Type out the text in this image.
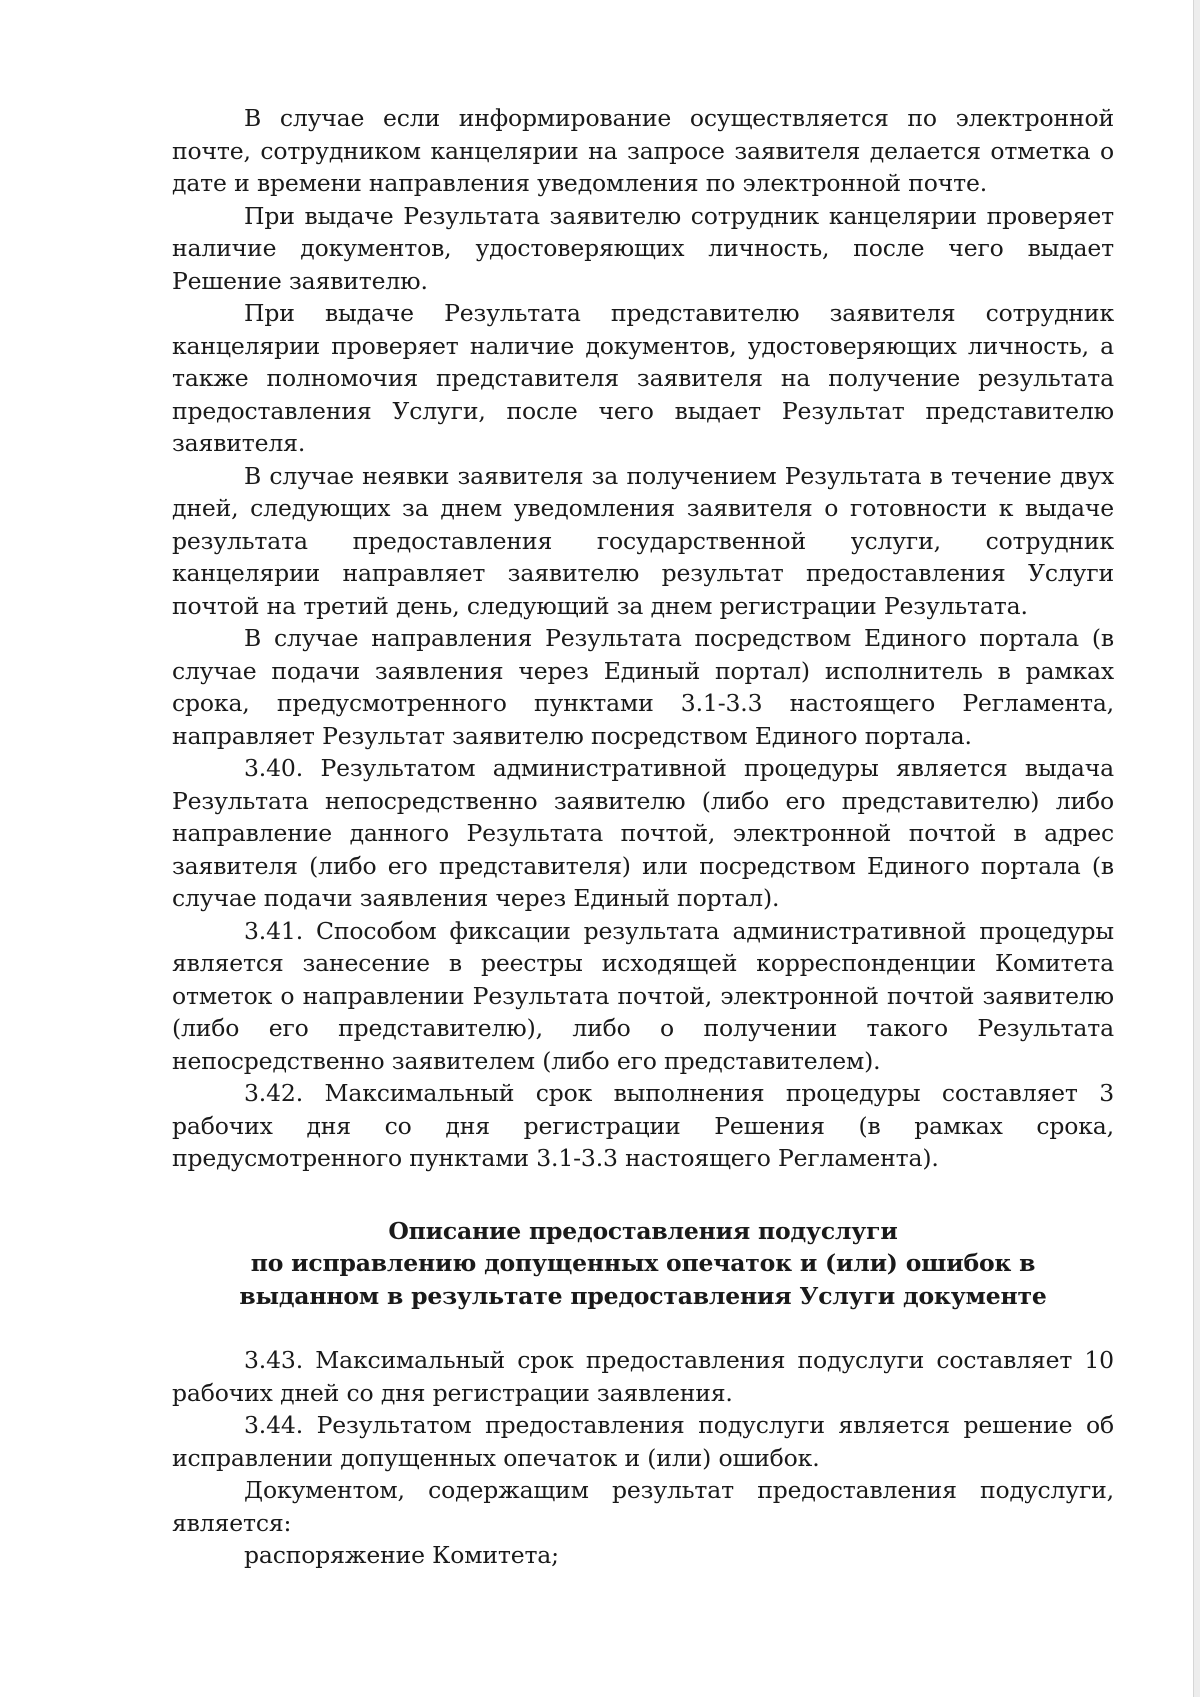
В случае если информирование осуществляется по электронной почте, сотрудником канцелярии на запросе заявителя делается отметка о дате и времени направления уведомления по электронной почте.

При выдаче Результата заявителю сотрудник канцелярии проверяет наличие документов, удостоверяющих личность, после чего выдает Решение заявителю.

При выдаче Результата представителю заявителя сотрудник канцелярии проверяет наличие документов, удостоверяющих личность, а также полномочия представителя заявителя на получение результата предоставления Услуги, после чего выдает Результат представителю заявителя.

В случае неявки заявителя за получением Результата в течение двух дней, следующих за днем уведомления заявителя о готовности к выдаче результата предоставления государственной услуги, сотрудник канцелярии направляет заявителю результат предоставления Услуги почтой на третий день, следующий за днем регистрации Результата.

В случае направления Результата посредством Единого портала (в случае подачи заявления через Единый портал) исполнитель в рамках срока, предусмотренного пунктами 3.1-3.3 настоящего Регламента, направляет Результат заявителю посредством Единого портала.

3.40. Результатом административной процедуры является выдача Результата непосредственно заявителю (либо его представителю) либо направление данного Результата почтой, электронной почтой в адрес заявителя (либо его представителя) или посредством Единого портала (в случае подачи заявления через Единый портал).

3.41. Способом фиксации результата административной процедуры является занесение в реестры исходящей корреспонденции Комитета отметок о направлении Результата почтой, электронной почтой заявителю (либо его представителю), либо о получении такого Результата непосредственно заявителем (либо его представителем).

3.42. Максимальный срок выполнения процедуры составляет 3 рабочих дня со дня регистрации Решения (в рамках срока, предусмотренного пунктами 3.1-3.3 настоящего Регламента).

Описание предоставления подуслуги
по исправлению допущенных опечаток и (или) ошибок в
выданном в результате предоставления Услуги документе

3.43. Максимальный срок предоставления подуслуги составляет 10 рабочих дней со дня регистрации заявления.

3.44. Результатом предоставления подуслуги является решение об исправлении допущенных опечаток и (или) ошибок.

Документом, содержащим результат предоставления подуслуги, является:

распоряжение Комитета;
